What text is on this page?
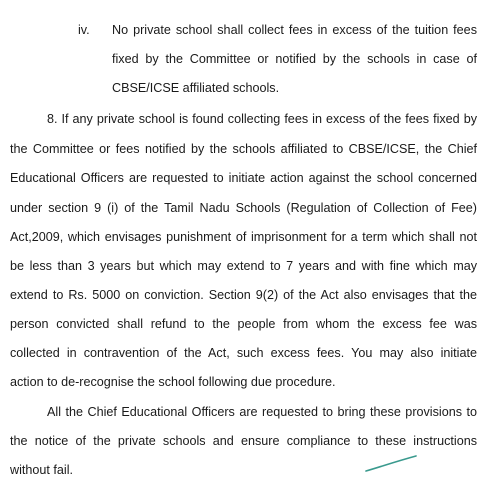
iv. No private school shall collect fees in excess of the tuition fees
fixed by the Committee or notified by the schools in case of
CBSE/ICSE affiliated schools.
8. If any private school is found collecting fees in excess of the fees fixed by
the Committee or fees notified by the schools affiliated to CBSE/ICSE, the Chief
Educational Officers are requested to initiate action against the school concerned
under section 9 (i) of the Tamil Nadu Schools (Regulation of Collection of Fee)
Act,2009, which envisages punishment of imprisonment for a term which shall not
be less than 3 years but which may extend to 7 years and with fine which may
extend to Rs. 5000 on conviction. Section 9(2) of the Act also envisages that the
person convicted shall refund to the people from whom the excess fee was
collected in contravention of the Act, such excess fees. You may also initiate
action to de-recognise the school following due procedure.
All the Chief Educational Officers are requested to bring these provisions to
the notice of the private schools and ensure compliance to these instructions
without fail.
